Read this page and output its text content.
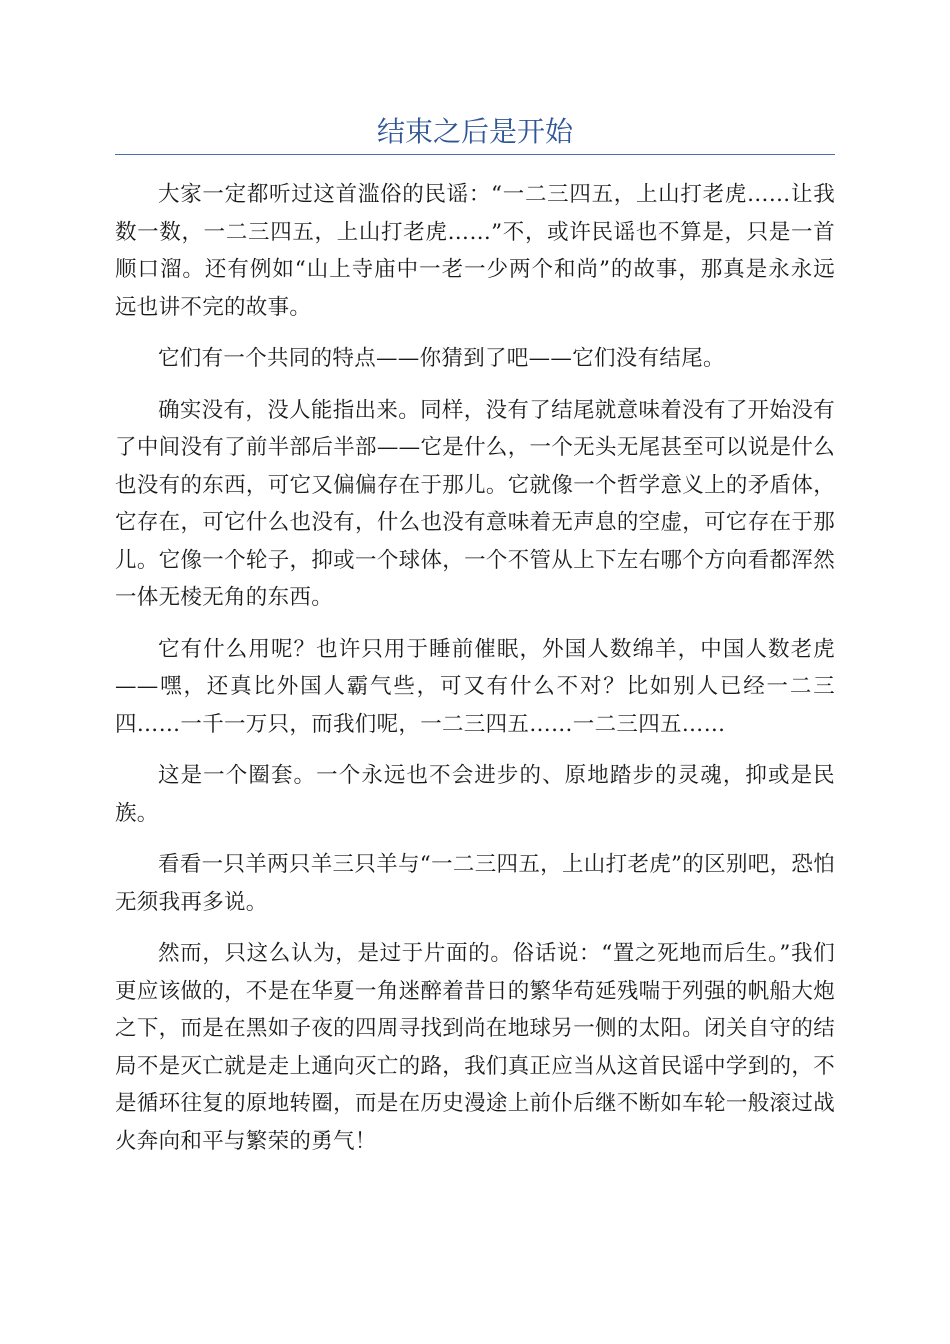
结束之后是开始

大家一定都听过这首滥俗的民谣：“一二三四五，上山打老虎……让我数一数，一二三四五，上山打老虎……”不，或许民谣也不算是，只是一首顺口溜。还有例如“山上寺庙中一老一少两个和尚”的故事，那真是永永远远也讲不完的故事。

它们有一个共同的特点——你猜到了吧——它们没有结尾。

确实没有，没人能指出来。同样，没有了结尾就意味着没有了开始没有了中间没有了前半部后半部——它是什么，一个无头无尾甚至可以说是什么也没有的东西，可它又偏偏存在于那儿。它就像一个哲学意义上的矛盾体，它存在，可它什么也没有，什么也没有意味着无声息的空虚，可它存在于那儿。它像一个轮子，抑或一个球体，一个不管从上下左右哪个方向看都浑然一体无棱无角的东西。

它有什么用呢？也许只用于睡前催眠，外国人数绵羊，中国人数老虎——嘿，还真比外国人霸气些，可又有什么不对？比如别人已经一二三四……一千一万只，而我们呢，一二三四五……一二三四五……

这是一个圈套。一个永远也不会进步的、原地踏步的灵魂，抑或是民族。

看看一只羊两只羊三只羊与“一二三四五，上山打老虎”的区别吧，恐怕无须我再多说。

然而，只这么认为，是过于片面的。俗话说：“置之死地而后生。”我们更应该做的，不是在华夏一角迷醉着昔日的繁华苟延残喘于列强的帆船大炮之下，而是在黑如子夜的四周寻找到尚在地球另一侧的太阳。闭关自守的结局不是灭亡就是走上通向灭亡的路，我们真正应当从这首民谣中学到的，不是循环往复的原地转圈，而是在历史漫途上前仆后继不断如车轮一般滚过战火奔向和平与繁荣的勇气！
